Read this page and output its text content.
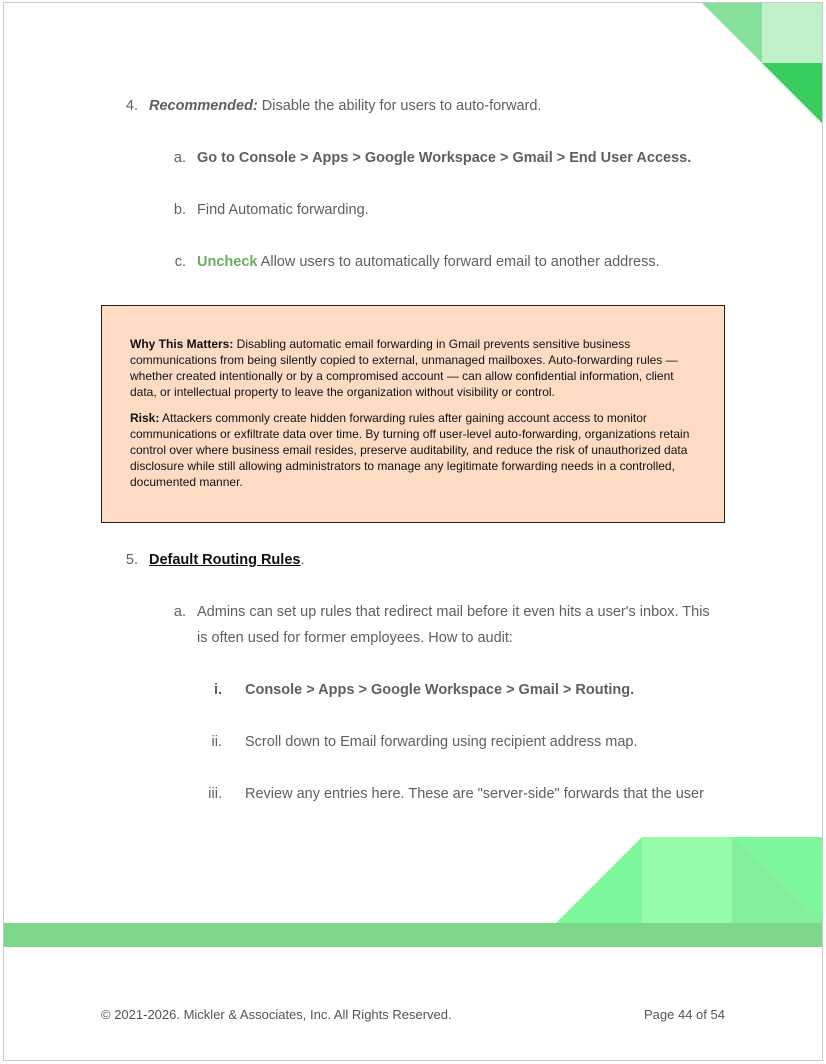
4. Recommended: Disable the ability for users to auto-forward.
a. Go to Console > Apps > Google Workspace > Gmail > End User Access.
b. Find Automatic forwarding.
c. Uncheck Allow users to automatically forward email to another address.

Why This Matters: Disabling automatic email forwarding in Gmail prevents sensitive business communications from being silently copied to external, unmanaged mailboxes. Auto-forwarding rules — whether created intentionally or by a compromised account — can allow confidential information, client data, or intellectual property to leave the organization without visibility or control.

Risk: Attackers commonly create hidden forwarding rules after gaining account access to monitor communications or exfiltrate data over time. By turning off user-level auto-forwarding, organizations retain control over where business email resides, preserve auditability, and reduce the risk of unauthorized data disclosure while still allowing administrators to manage any legitimate forwarding needs in a controlled, documented manner.

5. Default Routing Rules.
a. Admins can set up rules that redirect mail before it even hits a user's inbox. This
is often used for former employees. How to audit:
i. Console > Apps > Google Workspace > Gmail > Routing.
ii. Scroll down to Email forwarding using recipient address map.
iii. Review any entries here. These are "server-side" forwards that the user
© 2021-2026. Mickler & Associates, Inc. All Rights Reserved.	Page 44 of 54
